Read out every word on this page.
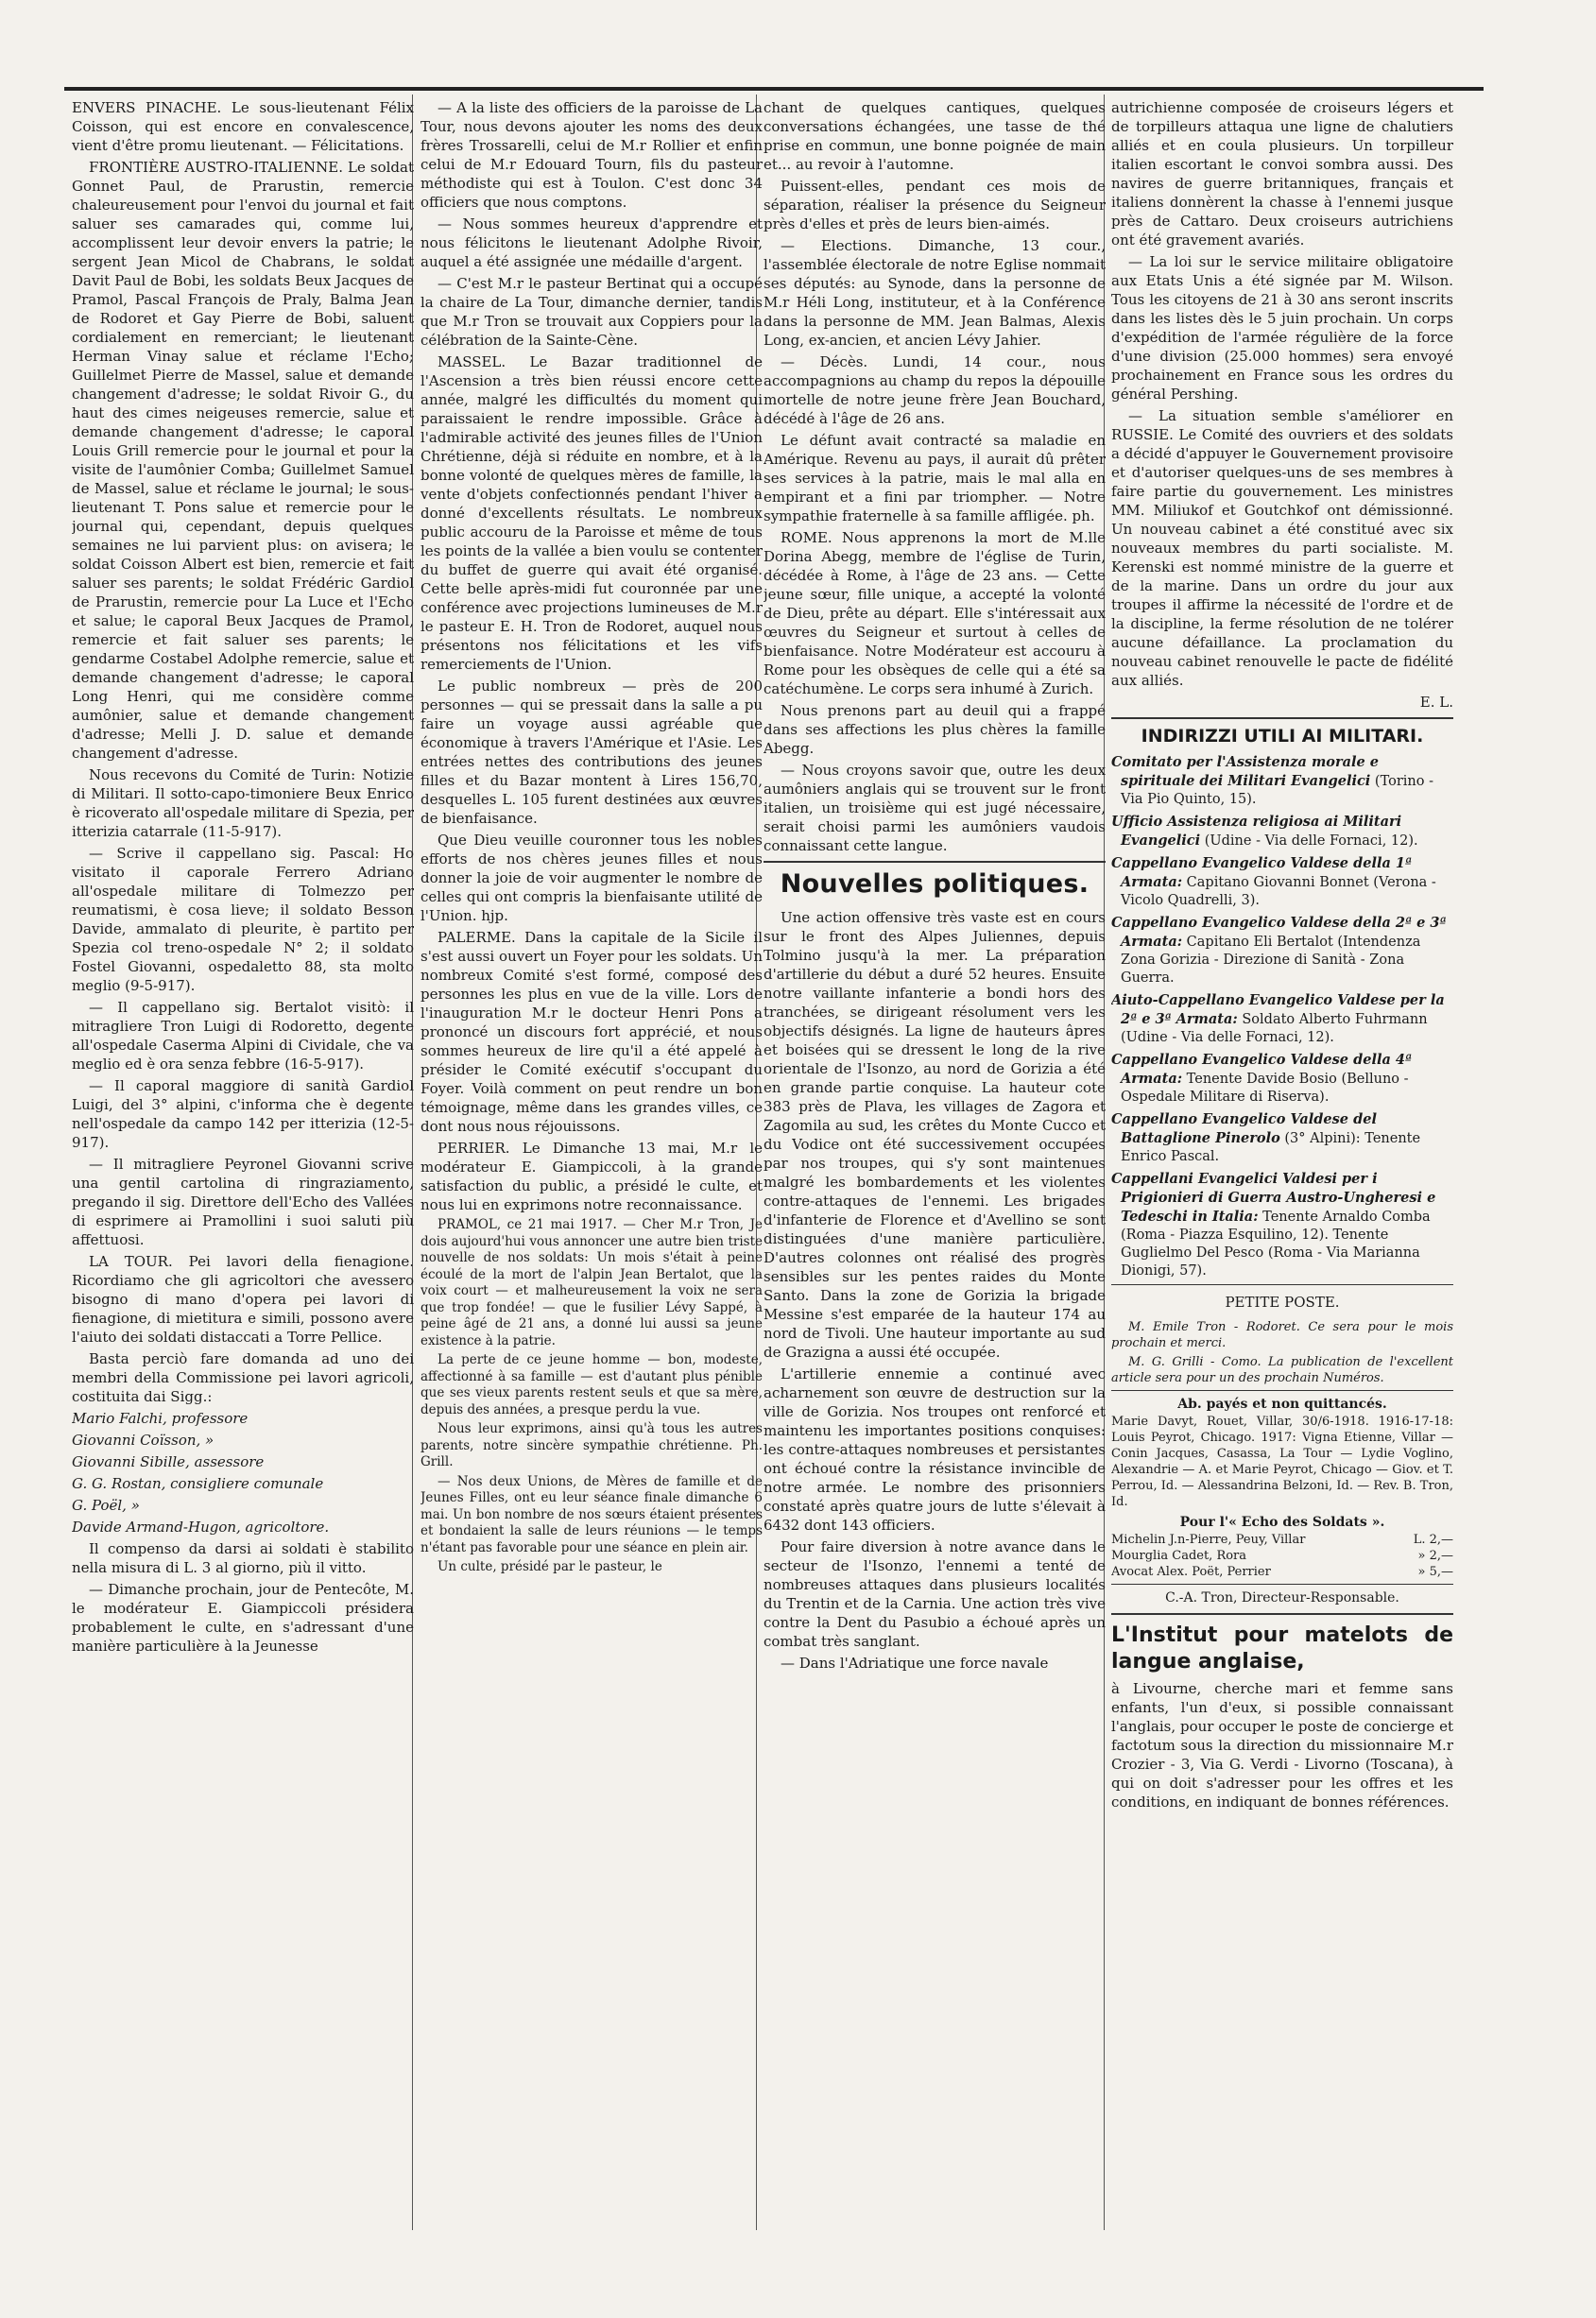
ENVERS PINACHE. Le sous-lieutenant Félix Coisson, qui est encore en convalescence, vient d'être promu lieutenant. — Félicitations.

FRONTIÈRE AUSTRO-ITALIENNE. Le soldat Gonnet Paul, de Prarustin, remercie chaleureusement pour l'envoi du journal et fait saluer ses camarades qui, comme lui, accomplissent leur devoir envers la patrie; le sergent Jean Micol de Chabrans, le soldat Davit Paul de Bobi, les soldats Beux Jacques de Pramol, Pascal François de Praly, Balma Jean de Rodoret et Gay Pierre de Bobi, saluent cordialement en remerciant; le lieutenant Herman Vinay salue et réclame l'Echo; Guillelmet Pierre de Massel, salue et demande changement d'adresse; le soldat Rivoir G., du haut des cimes neigeuses remercie, salue et demande changement d'adresse; le caporal Louis Grill remercie pour le journal et pour la visite de l'aumônier Comba; Guillelmet Samuel de Massel, salue et réclame le journal; le sous-lieutenant T. Pons salue et remercie pour le journal qui, cependant, depuis quelques semaines ne lui parvient plus: on avisera; le soldat Coisson Albert est bien, remercie et fait saluer ses parents; le soldat Frédéric Gardiol de Prarustin, remercie pour La Luce et l'Echo et salue; le caporal Beux Jacques de Pramol, remercie et fait saluer ses parents; le gendarme Costabel Adolphe remercie, salue et demande changement d'adresse; le caporal Long Henri, qui me considère comme aumônier, salue et demande changement d'adresse; Melli J. D. salue et demande changement d'adresse.

Nous recevons du Comité de Turin: Notizie di Militari. Il sotto-capo-timoniere Beux Enrico è ricoverato all'ospedale militare di Spezia, per itterizia catarrale (11-5-917).

— Scrive il cappellano sig. Pascal: Ho visitato il caporale Ferrero Adriano all'ospedale militare di Tolmezzo per reumatismi, è cosa lieve; il soldato Besson Davide, ammalato di pleurite, è partito per Spezia col treno-ospedale N° 2; il soldato Fostel Giovanni, ospedaletto 88, sta molto meglio (9-5-917).

— Il cappellano sig. Bertalot visitò: il mitragliere Tron Luigi di Rodoretto, degente all'ospedale Caserma Alpini di Cividale, che va meglio ed è ora senza febbre (16-5-917).

— Il caporal maggiore di sanità Gardiol Luigi, del 3° alpini, c'informa che è degente nell'ospedale da campo 142 per itterizia (12-5-917).

— Il mitragliere Peyronel Giovanni scrive una gentil cartolina di ringraziamento, pregando il sig. Direttore dell'Echo des Vallées di esprimere ai Pramollini i suoi saluti più affettuosi.

LA TOUR. Pei lavori della fienagione. Ricordiamo che gli agricoltori che avessero bisogno di mano d'opera pei lavori di fienagione, di mietitura e simili, possono avere l'aiuto dei soldati distaccati a Torre Pellice.

Basta perciò fare domanda ad uno dei membri della Commissione pei lavori agricoli, costituita dai Sigg.:

Mario Falchi, professore

Giovanni Coïsson, »

Giovanni Sibille, assessore

G. G. Rostan, consigliere comunale

G. Poël, »

Davide Armand-Hugon, agricoltore.

Il compenso da darsi ai soldati è stabilito nella misura di L. 3 al giorno, più il vitto.

— Dimanche prochain, jour de Pentecôte, M. le modérateur E. Giampiccoli présidera probablement le culte, en s'adressant d'une manière particulière à la Jeunesse

— A la liste des officiers de la paroisse de La Tour, nous devons ajouter les noms des deux frères Trossarelli, celui de M.r Rollier et enfin celui de M.r Edouard Tourn, fils du pasteur méthodiste qui est à Toulon. C'est donc 34 officiers que nous comptons.

— Nous sommes heureux d'apprendre et nous félicitons le lieutenant Adolphe Rivoir, auquel a été assignée une médaille d'argent.

— C'est M.r le pasteur Bertinat qui a occupé la chaire de La Tour, dimanche dernier, tandis que M.r Tron se trouvait aux Coppiers pour la célébration de la Sainte-Cène.

MASSEL. Le Bazar traditionnel de l'Ascension a très bien réussi encore cette année, malgré les difficultés du moment qui paraissaient le rendre impossible. Grâce à l'admirable activité des jeunes filles de l'Union Chrétienne, déjà si réduite en nombre, et à la bonne volonté de quelques mères de famille, la vente d'objets confectionnés pendant l'hiver a donné d'excellents résultats. Le nombreux public accouru de la Paroisse et même de tous les points de la vallée a bien voulu se contenter du buffet de guerre qui avait été organisé. Cette belle après-midi fut couronnée par une conférence avec projections lumineuses de M.r le pasteur E. H. Tron de Rodoret, auquel nous présentons nos félicitations et les vifs remerciements de l'Union.

Le public nombreux — près de 200 personnes — qui se pressait dans la salle a pu faire un voyage aussi agréable que économique à travers l'Amérique et l'Asie. Les entrées nettes des contributions des jeunes filles et du Bazar montent à Lires 156,70, desquelles L. 105 furent destinées aux œuvres de bienfaisance.

Que Dieu veuille couronner tous les nobles efforts de nos chères jeunes filles et nous donner la joie de voir augmenter le nombre de celles qui ont compris la bienfaisante utilité de l'Union. hjp.

PALERME. Dans la capitale de la Sicile il s'est aussi ouvert un Foyer pour les soldats. Un nombreux Comité s'est formé, composé des personnes les plus en vue de la ville. Lors de l'inauguration M.r le docteur Henri Pons a prononcé un discours fort apprécié, et nous sommes heureux de lire qu'il a été appelé à présider le Comité exécutif s'occupant du Foyer. Voilà comment on peut rendre un bon témoignage, même dans les grandes villes, ce dont nous nous réjouissons.

PERRIER. Le Dimanche 13 mai, M.r le modérateur E. Giampiccoli, à la grande satisfaction du public, a présidé le culte, et nous lui en exprimons notre reconnaissance.

PRAMOL, ce 21 mai 1917. — Cher M.r Tron, Je dois aujourd'hui vous annoncer une autre bien triste nouvelle de nos soldats: Un mois s'était à peine écoulé de la mort de l'alpin Jean Bertalot, que la voix court — et malheureusement la voix ne sera que trop fondée! — que le fusilier Lévy Sappé, à peine âgé de 21 ans, a donné lui aussi sa jeune existence à la patrie.

La perte de ce jeune homme — bon, modeste, affectionné à sa famille — est d'autant plus pénible que ses vieux parents restent seuls et que sa mère, depuis des années, a presque perdu la vue.

Nous leur exprimons, ainsi qu'à tous les autres parents, notre sincère sympathie chrétienne. Ph. Grill.

— Nos deux Unions, de Mères de famille et de Jeunes Filles, ont eu leur séance finale dimanche 6 mai. Un bon nombre de nos sœurs étaient présentes et bondaient la salle de leurs réunions — le temps n'étant pas favorable pour une séance en plein air.

Un culte, présidé par le pasteur, le

chant de quelques cantiques, quelques conversations échangées, une tasse de thé prise en commun, une bonne poignée de main et... au revoir à l'automne.

Puissent-elles, pendant ces mois de séparation, réaliser la présence du Seigneur près d'elles et près de leurs bien-aimés.

— Elections. Dimanche, 13 cour., l'assemblée électorale de notre Eglise nommait ses députés: au Synode, dans la personne de M.r Héli Long, instituteur, et à la Conférence dans la personne de MM. Jean Balmas, Alexis Long, ex-ancien, et ancien Lévy Jahier.

— Décès. Lundi, 14 cour., nous accompagnions au champ du repos la dépouille mortelle de notre jeune frère Jean Bouchard, décédé à l'âge de 26 ans.

Le défunt avait contracté sa maladie en Amérique. Revenu au pays, il aurait dû prêter ses services à la patrie, mais le mal alla en empirant et a fini par triompher. — Notre sympathie fraternelle à sa famille affligée. ph.

ROME. Nous apprenons la mort de M.lle Dorina Abegg, membre de l'église de Turin, décédée à Rome, à l'âge de 23 ans. — Cette jeune sœur, fille unique, a accepté la volonté de Dieu, prête au départ. Elle s'intéressait aux œuvres du Seigneur et surtout à celles de bienfaisance. Notre Modérateur est accouru à Rome pour les obsèques de celle qui a été sa catéchumène. Le corps sera inhumé à Zurich.

Nous prenons part au deuil qui a frappé dans ses affections les plus chères la famille Abegg.

— Nous croyons savoir que, outre les deux aumôniers anglais qui se trouvent sur le front italien, un troisième qui est jugé nécessaire, serait choisi parmi les aumôniers vaudois connaissant cette langue.

Nouvelles politiques.

Une action offensive très vaste est en cours sur le front des Alpes Juliennes, depuis Tolmino jusqu'à la mer. La préparation d'artillerie du début a duré 52 heures. Ensuite notre vaillante infanterie a bondi hors des tranchées, se dirigeant résolument vers les objectifs désignés. La ligne de hauteurs âpres et boisées qui se dressent le long de la rive orientale de l'Isonzo, au nord de Gorizia a été en grande partie conquise. La hauteur cote 383 près de Plava, les villages de Zagora et Zagomila au sud, les crêtes du Monte Cucco et du Vodice ont été successivement occupées par nos troupes, qui s'y sont maintenues malgré les bombardements et les violentes contre-attaques de l'ennemi. Les brigades d'infanterie de Florence et d'Avellino se sont distinguées d'une manière particulière. D'autres colonnes ont réalisé des progrès sensibles sur les pentes raides du Monte Santo. Dans la zone de Gorizia la brigade Messine s'est emparée de la hauteur 174 au nord de Tivoli. Une hauteur importante au sud de Grazigna a aussi été occupée.

L'artillerie ennemie a continué avec acharnement son œuvre de destruction sur la ville de Gorizia. Nos troupes ont renforcé et maintenu les importantes positions conquises: les contre-attaques nombreuses et persistantes ont échoué contre la résistance invincible de notre armée. Le nombre des prisonniers constaté après quatre jours de lutte s'élevait à 6432 dont 143 officiers.

Pour faire diversion à notre avance dans le secteur de l'Isonzo, l'ennemi a tenté de nombreuses attaques dans plusieurs localités du Trentin et de la Carnia. Une action très vive contre la Dent du Pasubio a échoué après un combat très sanglant.

— Dans l'Adriatique une force navale

autrichienne composée de croiseurs légers et de torpilleurs attaqua une ligne de chalutiers alliés et en coula plusieurs. Un torpilleur italien escortant le convoi sombra aussi. Des navires de guerre britanniques, français et italiens donnèrent la chasse à l'ennemi jusque près de Cattaro. Deux croiseurs autrichiens ont été gravement avariés.

— La loi sur le service militaire obligatoire aux Etats Unis a été signée par M. Wilson. Tous les citoyens de 21 à 30 ans seront inscrits dans les listes dès le 5 juin prochain. Un corps d'expédition de l'armée régulière de la force d'une division (25.000 hommes) sera envoyé prochainement en France sous les ordres du général Pershing.

— La situation semble s'améliorer en RUSSIE. Le Comité des ouvriers et des soldats a décidé d'appuyer le Gouvernement provisoire et d'autoriser quelques-uns de ses membres à faire partie du gouvernement. Les ministres MM. Miliukof et Goutchkof ont démissionné. Un nouveau cabinet a été constitué avec six nouveaux membres du parti socialiste. M. Kerenski est nommé ministre de la guerre et de la marine. Dans un ordre du jour aux troupes il affirme la nécessité de l'ordre et de la discipline, la ferme résolution de ne tolérer aucune défaillance. La proclamation du nouveau cabinet renouvelle le pacte de fidélité aux alliés.

E. L.

INDIRIZZI UTILI AI MILITARI.
Comitato per l'Assistenza morale e spirituale dei Militari Evangelici (Torino - Via Pio Quinto, 15).
Ufficio Assistenza religiosa ai Militari Evangelici (Udine - Via delle Fornaci, 12).
Cappellano Evangelico Valdese della 1ª Armata: Capitano Giovanni Bonnet (Verona - Vicolo Quadrelli, 3).
Cappellano Evangelico Valdese della 2ª e 3ª Armata: Capitano Eli Bertalot (Intendenza Zona Gorizia - Direzione di Sanità - Zona Guerra.
Aiuto-Cappellano Evangelico Valdese per la 2ª e 3ª Armata: Soldato Alberto Fuhrmann (Udine - Via delle Fornaci, 12).
Cappellano Evangelico Valdese della 4ª Armata: Tenente Davide Bosio (Belluno - Ospedale Militare di Riserva).
Cappellano Evangelico Valdese del Battaglione Pinerolo (3° Alpini): Tenente Enrico Pascal.
Cappellani Evangelici Valdesi per i Prigionieri di Guerra Austro-Ungheresi e Tedeschi in Italia: Tenente Arnaldo Comba (Roma - Piazza Esquilino, 12). Tenente Guglielmo Del Pesco (Roma - Via Marianna Dionigi, 57).
PETITE POSTE.

M. Emile Tron - Rodoret. Ce sera pour le mois prochain et merci.

M. G. Grilli - Como. La publication de l'excellent article sera pour un des prochain Numéros.

Ab. payés et non quittancés.

Marie Davyt, Rouet, Villar, 30/6-1918. 1916-17-18: Louis Peyrot, Chicago. 1917: Vigna Etienne, Villar — Conin Jacques, Casassa, La Tour — Lydie Voglino, Alexandrie — A. et Marie Peyrot, Chicago — Giov. et T. Perrou, Id. — Alessandrina Belzoni, Id. — Rev. B. Tron, Id.

Pour l'« Echo des Soldats ».
Michelin J.n-Pierre, Peuy, Villar	L. 2,—
Mourglia Cadet, Rora	» 2,—
Avocat Alex. Poët, Perrier	» 5,—

C.-A. Tron, Directeur-Responsable.

L'Institut pour matelots de langue anglaise,

à Livourne, cherche mari et femme sans enfants, l'un d'eux, si possible connaissant l'anglais, pour occuper le poste de concierge et factotum sous la direction du missionnaire M.r Crozier - 3, Via G. Verdi - Livorno (Toscana), à qui on doit s'adresser pour les offres et les conditions, en indiquant de bonnes références.
